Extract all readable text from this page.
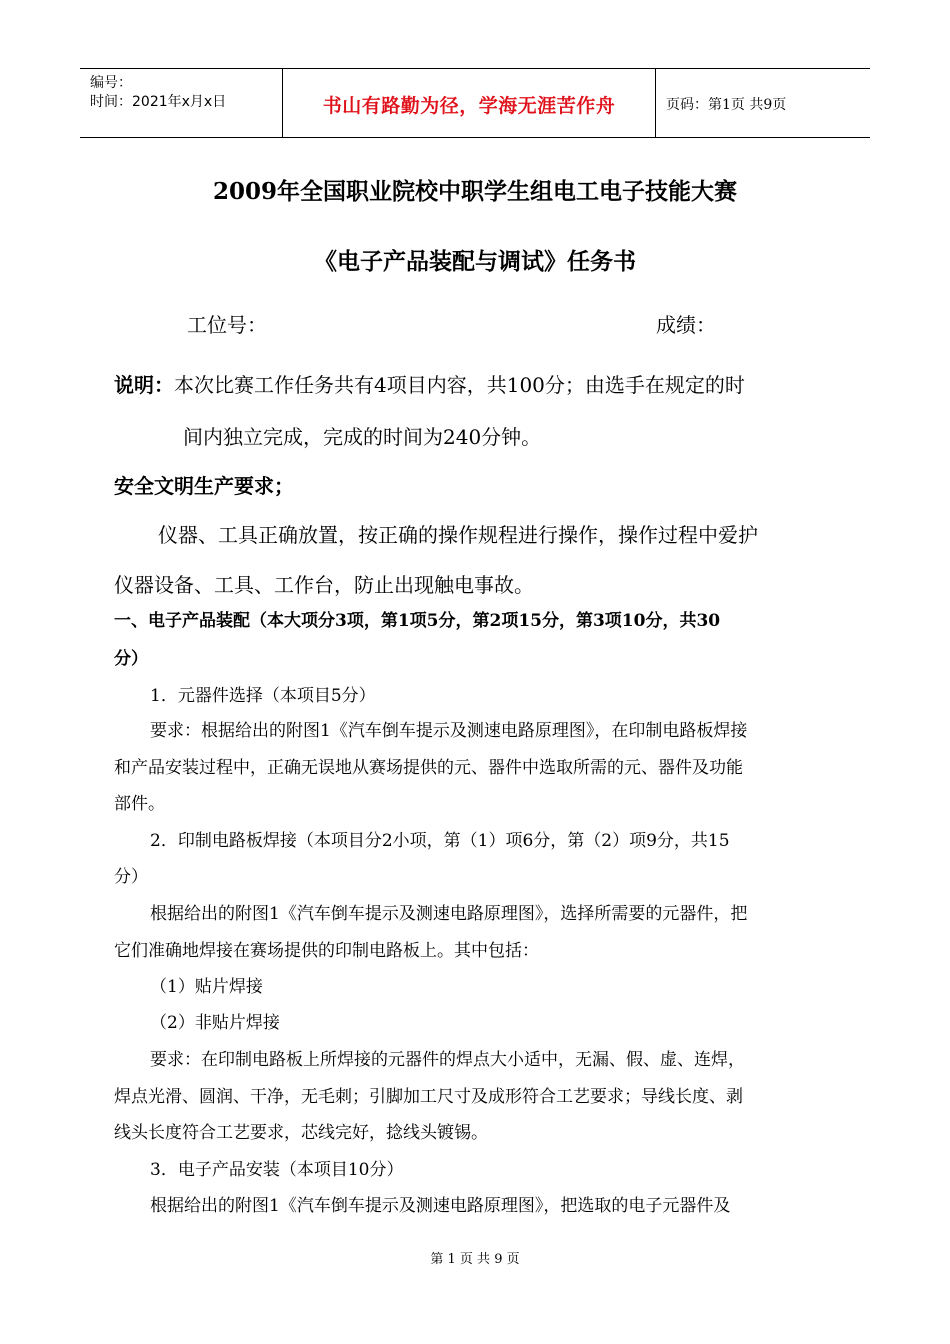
编号：
时间：2021年x月x日	书山有路勤为径，学海无涯苦作舟	页码：第1页 共9页
2009年全国职业院校中职学生组电工电子技能大赛
《电子产品装配与调试》任务书
工位号：	成绩：
说明：本次比赛工作任务共有4项目内容，共100分；由选手在规定的时
间内独立完成，完成的时间为240分钟。
安全文明生产要求；
仪器、工具正确放置，按正确的操作规程进行操作，操作过程中爱护
仪器设备、工具、工作台，防止出现触电事故。
一、电子产品装配（本大项分3项，第1项5分，第2项15分，第3项10分，共30
分）
1．元器件选择（本项目5分）
要求：根据给出的附图1《汽车倒车提示及测速电路原理图》，在印制电路板焊接
和产品安装过程中，正确无误地从赛场提供的元、器件中选取所需的元、器件及功能
部件。
2．印制电路板焊接（本项目分2小项，第（1）项6分，第（2）项9分，共15
分）
根据给出的附图1《汽车倒车提示及测速电路原理图》，选择所需要的元器件，把
它们准确地焊接在赛场提供的印制电路板上。其中包括：
（1）贴片焊接
（2）非贴片焊接
要求：在印制电路板上所焊接的元器件的焊点大小适中，无漏、假、虚、连焊，
焊点光滑、圆润、干净，无毛刺；引脚加工尺寸及成形符合工艺要求；导线长度、剥
线头长度符合工艺要求，芯线完好，捻线头镀锡。
3．电子产品安装（本项目10分）
根据给出的附图1《汽车倒车提示及测速电路原理图》，把选取的电子元器件及
第 1 页 共 9 页
